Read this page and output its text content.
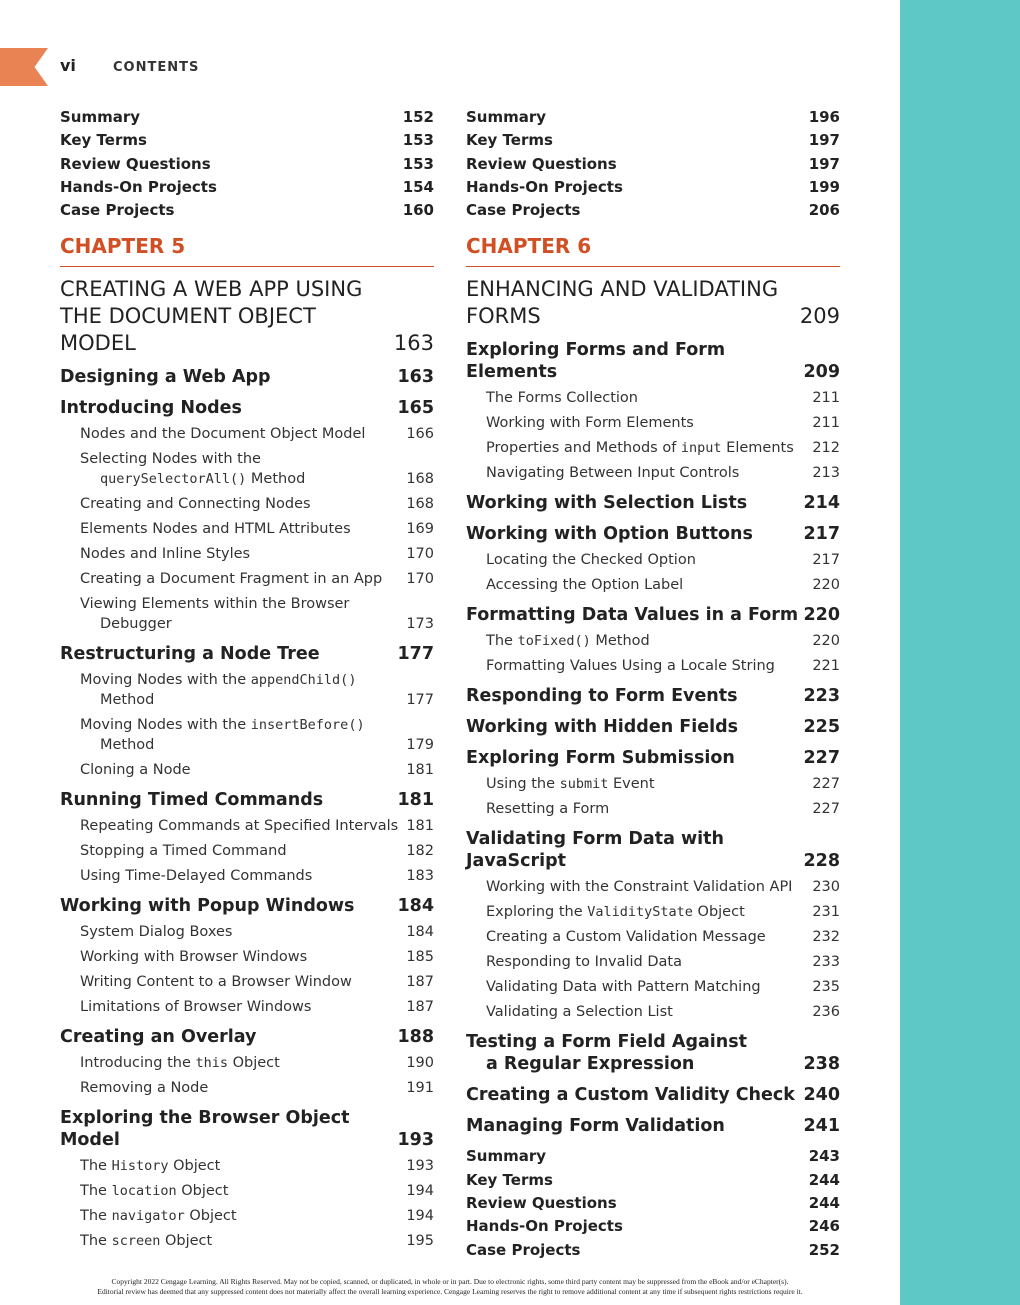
vi	CONTENTS
Summary	152
Key Terms	153
Review Questions	153
Hands-On Projects	154
Case Projects	160
CHAPTER 5
CREATING A WEB APP USING
THE DOCUMENT OBJECT
MODEL	163
Designing a Web App	163
Introducing Nodes	165
Nodes and the Document Object Model	166
Selecting Nodes with the
querySelectorAll() Method	168
Creating and Connecting Nodes	168
Elements Nodes and HTML Attributes	169
Nodes and Inline Styles	170
Creating a Document Fragment in an App	170
Viewing Elements within the Browser
Debugger	173
Restructuring a Node Tree	177
Moving Nodes with the appendChild()
Method	177
Moving Nodes with the insertBefore()
Method	179
Cloning a Node	181
Running Timed Commands	181
Repeating Commands at Specified Intervals 181
Stopping a Timed Command	182
Using Time-Delayed Commands	183
Working with Popup Windows	184
System Dialog Boxes	184
Working with Browser Windows	185
Writing Content to a Browser Window	187
Limitations of Browser Windows	187
Creating an Overlay	188
Introducing the this Object	190
Removing a Node	191
Exploring the Browser Object Model	193
The History Object	193
The location Object	194
The navigator Object	194
The screen Object	195
Summary	196
Key Terms	197
Review Questions	197
Hands-On Projects	199
Case Projects	206
CHAPTER 6
ENHANCING AND VALIDATING
FORMS	209
Exploring Forms and Form Elements	209
The Forms Collection	211
Working with Form Elements	211
Properties and Methods of input Elements	212
Navigating Between Input Controls	213
Working with Selection Lists	214
Working with Option Buttons	217
Locating the Checked Option	217
Accessing the Option Label	220
Formatting Data Values in a Form 220
The toFixed() Method	220
Formatting Values Using a Locale String	221
Responding to Form Events	223
Working with Hidden Fields	225
Exploring Form Submission	227
Using the submit Event	227
Resetting a Form	227
Validating Form Data with JavaScript	228
Working with the Constraint Validation API	230
Exploring the ValidityState Object	231
Creating a Custom Validation Message	232
Responding to Invalid Data	233
Validating Data with Pattern Matching	235
Validating a Selection List	236
Testing a Form Field Against
a Regular Expression	238
Creating a Custom Validity Check 240
Managing Form Validation	241
Summary	243
Key Terms	244
Review Questions	244
Hands-On Projects	246
Case Projects	252
Copyright 2022 Cengage Learning. All Rights Reserved. May not be copied, scanned, or duplicated, in whole or in part. Due to electronic rights, some third party content may be suppressed from the eBook and/or eChapter(s).
Editorial review has deemed that any suppressed content does not materially affect the overall learning experience. Cengage Learning reserves the right to remove additional content at any time if subsequent rights restrictions require it.
